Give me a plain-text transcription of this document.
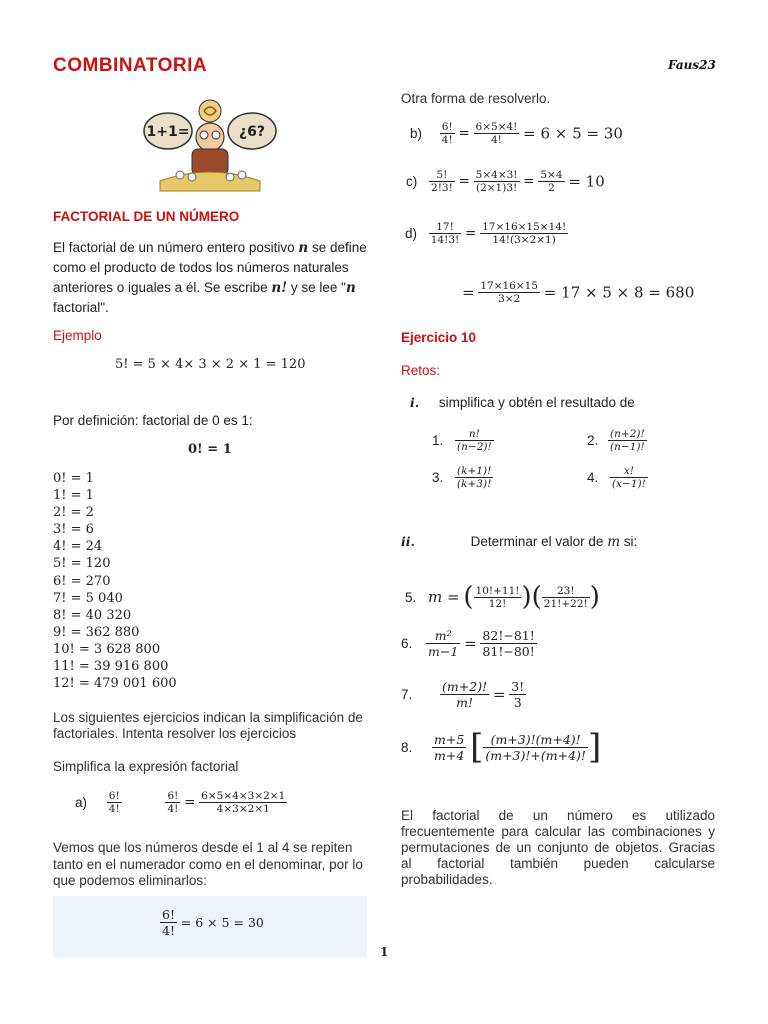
COMBINATORIA	Faus23
1+1=	¿6?
FACTORIAL DE UN NÚMERO
El factorial de un número entero positivo n se define como el producto de todos los números naturales anteriores o iguales a él. Se escribe n! y se lee "n factorial".
Ejemplo
5! = 5 × 4× 3 × 2 × 1 = 120
Por definición: factorial de 0 es 1:
0! = 1
0! = 1
1! = 1
2! = 2
3! = 6
4! = 24
5! = 120
6! = 270
7! = 5 040
8! = 40 320
9! = 362 880
10! = 3 628 800
11! = 39 916 800
12! = 479 001 600
Los siguientes ejercicios indican la simplificación de factoriales. Intenta resolver los ejercicios
Simplifica la expresión factorial
$a) \frac{6!}{4!}$
	$\frac{6!}{4!} = \frac{6\times 5\times 4\times 3\times 2\times 1}{4\times 3\times 2\times 1}$
Vemos que los números desde el 1 al 4 se repiten tanto en el numerador como en el denominar, por lo que podemos eliminarlos:
$\frac{6!}{4!} = 6 \times 5 = 30$
Otra forma de resolverlo.
$b) \frac{6!}{4!} = \frac{6\times 5\times 4!}{4!} = 6 \times 5 = 30$
$c) \frac{5!}{2!3!} = \frac{5\times 4\times 3!}{(2\times 1)3!} = \frac{5\times 4}{2} = 10$
$d) \frac{17!}{14!3!} = \frac{17\times 16\times 15\times 14!}{14!(3\times 2\times 1)}$
= $\frac{17\times 16\times 15}{3\times 2} = 17 \times 5 \times 8 = 680$
Ejercicio 10
Retos:
i. simplifica y obtén el resultado de
1. $\frac{n!}{(n-2)!}$	2. $\frac{(n+2)!}{(n-1)!}$
3. $\frac{(k+1)!}{(k+3)!}$	4. $\frac{x!}{(x-1)!}$
ii.	Determinar el valor de m si:
5. m = ( $\frac{10!+11!}{12!}$ )( $\frac{23!}{21!+22!}$ )
6. $\frac{\text{m²}}{m-1} = \frac{82!-81!}{81!-80!}$
7. $\frac{(m+2)!}{m!} = \frac{3!}{3}$
8. $\frac{m+5}{m+4}$ [ $\frac{(m+3)!(m+4)!}{(m+3)!+(m+4)!}$ ]
El factorial de un número es utilizado frecuentemente para calcular las combinaciones y permutaciones de un conjunto de objetos. Gracias al factorial también pueden calcularse probabilidades.
1
